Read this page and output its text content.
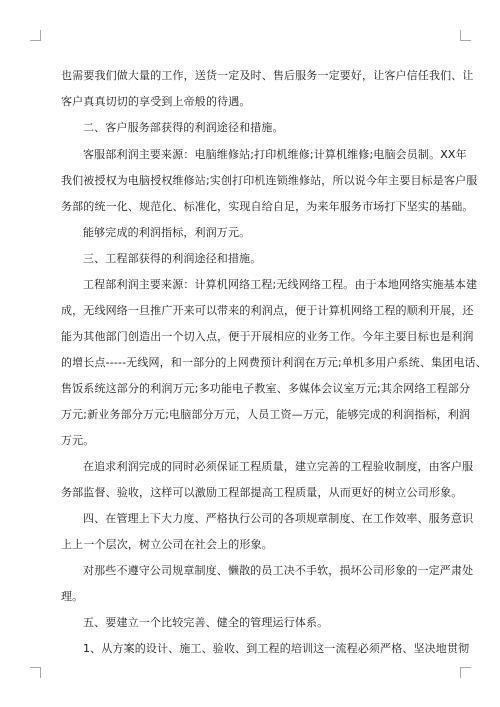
也需要我们做大量的工作，送货一定及时、售后服务一定要好，让客户信任我们、让
客户真真切切的享受到上帝般的待遇。
二、客户服务部获得的利润途径和措施。
客服部利润主要来源：电脑维修站;打印机维修;计算机维修;电脑会员制。XX年
我们被授权为电脑授权维修站;实创打印机连锁维修站，所以说今年主要目标是客户服
务部的统一化、规范化、标准化，实现自给自足，为来年服务市场打下坚实的基础。
能够完成的利润指标，利润万元。
三、工程部获得的利润途径和措施。
工程部利润主要来源：计算机网络工程;无线网络工程。由于本地网络实施基本建
成，无线网络一旦推广开来可以带来的利润点，便于计算机网络工程的顺利开展，还
能为其他部门创造出一个切入点，便于开展相应的业务工作。今年主要目标也是利润
的增长点-----无线网，和一部分的上网费预计利润在万元;单机多用户系统、集团电话、
售饭系统这部分的利润万元;多功能电子教室、多媒体会议室万元;其余网络工程部分
万元;新业务部分万元;电脑部分万元，人员工资—万元，能够完成的利润指标，利润
万元。
在追求利润完成的同时必须保证工程质量，建立完善的工程验收制度，由客户服
务部监督、验收，这样可以激励工程部提高工程质量，从而更好的树立公司形象。
四、在管理上下大力度、严格执行公司的各项规章制度、在工作效率、服务意识
上上一个层次，树立公司在社会上的形象。
对那些不遵守公司规章制度、懒散的员工决不手软，损坏公司形象的一定严肃处
理。
五、要建立一个比较完善、健全的管理运行体系。
1、从方案的设计、施工、验收、到工程的培训这一流程必须严格、坚决地贯彻
